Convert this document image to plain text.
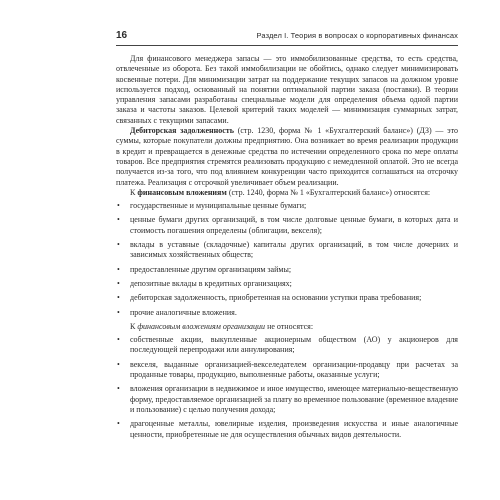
16	Раздел I. Теория в вопросах о корпоративных финансах

Для финансового менеджера запасы — это иммобилизованные средства, то есть средства, отвлеченные из оборота. Без такой иммобилизации не обойтись, однако следует минимизировать косвенные потери. Для минимизации затрат на поддержание текущих запасов на должном уровне используется подход, основанный на понятии оптимальной партии заказа (поставки). В теории управления запасами разработаны специальные модели для определения объема одной партии заказа и частоты заказов. Целевой критерий таких моделей — минимизация суммарных затрат, связанных с текущими запасами.

Дебиторская задолженность (стр. 1230, форма № 1 «Бухгалтерский баланс») (ДЗ) — это суммы, которые покупатели должны предприятию. Она возникает во время реализации продукции в кредит и превращается в денежные средства по истечении определенного срока по мере оплаты товаров. Все предприятия стремятся реализовать продукцию с немедленной оплатой. Это не всегда получается из-за того, что под влиянием конкуренции часто приходится соглашаться на отсрочку платежа. Реализация с отсрочкой увеличивает объем реализации.

К финансовым вложениям (стр. 1240, форма № 1 «Бухгалтерский баланс») относятся:

• государственные и муниципальные ценные бумаги;
• ценные бумаги других организаций, в том числе долговые ценные бумаги, в которых дата и стоимость погашения определены (облигации, векселя);
• вклады в уставные (складочные) капиталы других организаций, в том числе дочерних и зависимых хозяйственных обществ;
• предоставленные другим организациям займы;
• депозитные вклады в кредитных организациях;
• дебиторская задолженность, приобретенная на основании уступки права требования;
• прочие аналогичные вложения.

К финансовым вложениям организации не относятся:

• собственные акции, выкупленные акционерным обществом (АО) у акционеров для последующей перепродажи или аннулирования;
• векселя, выданные организацией-векселедателем организации-продавцу при расчетах за проданные товары, продукцию, выполненные работы, оказанные услуги;
• вложения организации в недвижимое и иное имущество, имеющее материально-вещественную форму, предоставляемое организацией за плату во временное пользование (временное владение и пользование) с целью получения дохода;
• драгоценные металлы, ювелирные изделия, произведения искусства и иные аналогичные ценности, приобретенные не для осуществления обычных видов деятельности.
